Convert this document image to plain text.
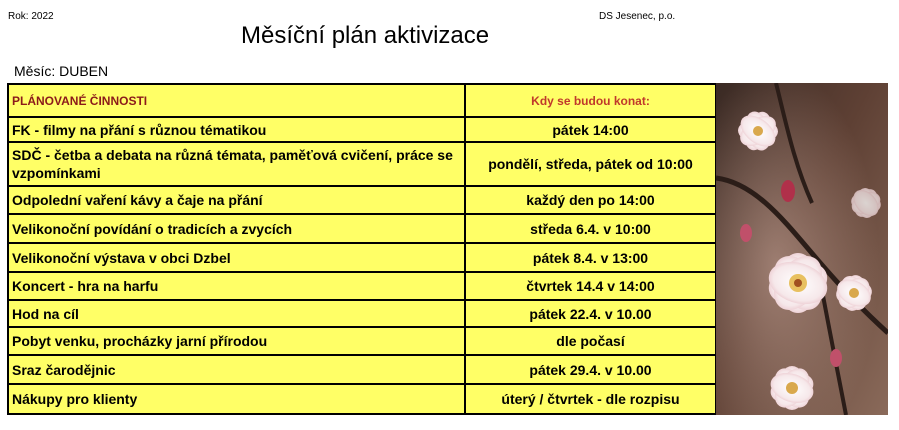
Rok: 2022	DS Jesenec, p.o.
Měsíční plán aktivizace
Měsíc: DUBEN
PLÁNOVANÉ ČINNOSTI	Kdy se budou konat:
FK - filmy na přání s různou tématikou	pátek 14:00
SDČ - četba a debata na různá témata, paměťová cvičení, práce se vzpomínkami	pondělí, středa, pátek od 10:00
Odpolední vaření kávy a čaje na přání	každý den po 14:00
Velikonoční povídání o tradicích a zvycích	středa 6.4. v 10:00
Velikonoční výstava v obci Dzbel	pátek 8.4. v 13:00
Koncert - hra na harfu	čtvrtek 14.4 v 14:00
Hod na cíl	pátek 22.4. v 10.00
Pobyt venku, procházky jarní přírodou	dle počasí
Sraz čarodějnic	pátek 29.4. v 10.00
Nákupy pro klienty	úterý / čtvrtek - dle rozpisu
